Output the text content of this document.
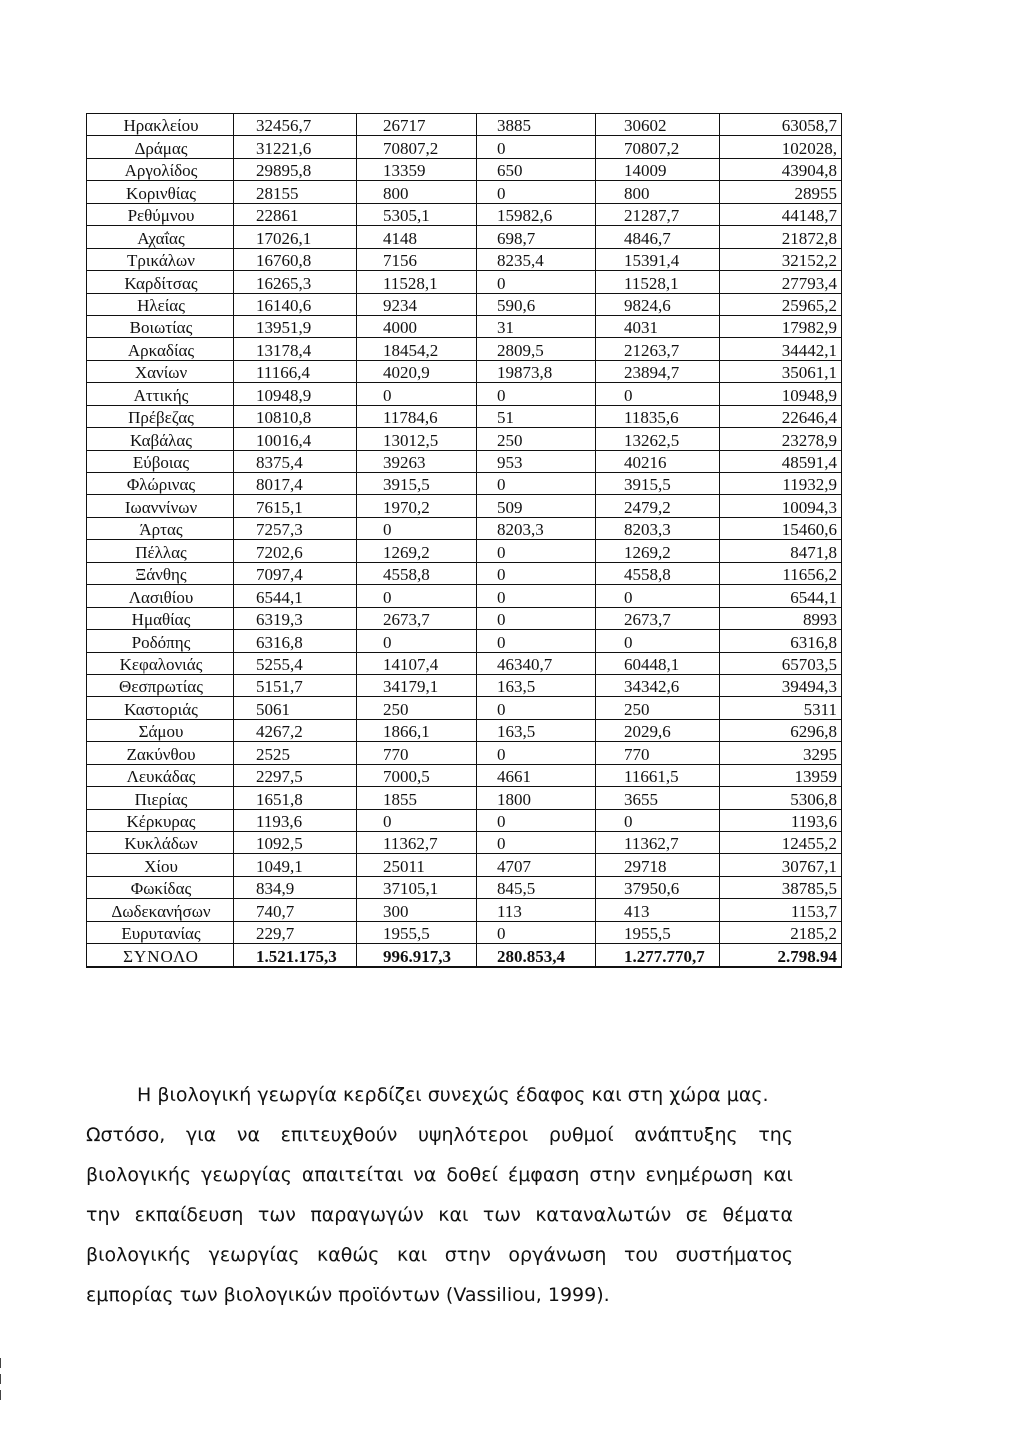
Ηρακλείου	32456,7	26717	3885	30602	63058,7
Δράμας	31221,6	70807,2	0	70807,2	102028,
Αργολίδος	29895,8	13359	650	14009	43904,8
Κορινθίας	28155	800	0	800	28955
Ρεθύμνου	22861	5305,1	15982,6	21287,7	44148,7
Αχαΐας	17026,1	4148	698,7	4846,7	21872,8
Τρικάλων	16760,8	7156	8235,4	15391,4	32152,2
Καρδίτσας	16265,3	11528,1	0	11528,1	27793,4
Ηλείας	16140,6	9234	590,6	9824,6	25965,2
Βοιωτίας	13951,9	4000	31	4031	17982,9
Αρκαδίας	13178,4	18454,2	2809,5	21263,7	34442,1
Χανίων	11166,4	4020,9	19873,8	23894,7	35061,1
Αττικής	10948,9	0	0	0	10948,9
Πρέβεζας	10810,8	11784,6	51	11835,6	22646,4
Καβάλας	10016,4	13012,5	250	13262,5	23278,9
Εύβοιας	8375,4	39263	953	40216	48591,4
Φλώρινας	8017,4	3915,5	0	3915,5	11932,9
Ιωαννίνων	7615,1	1970,2	509	2479,2	10094,3
Άρτας	7257,3	0	8203,3	8203,3	15460,6
Πέλλας	7202,6	1269,2	0	1269,2	8471,8
Ξάνθης	7097,4	4558,8	0	4558,8	11656,2
Λασιθίου	6544,1	0	0	0	6544,1
Ημαθίας	6319,3	2673,7	0	2673,7	8993
Ροδόπης	6316,8	0	0	0	6316,8
Κεφαλονιάς	5255,4	14107,4	46340,7	60448,1	65703,5
Θεσπρωτίας	5151,7	34179,1	163,5	34342,6	39494,3
Καστοριάς	5061	250	0	250	5311
Σάμου	4267,2	1866,1	163,5	2029,6	6296,8
Ζακύνθου	2525	770	0	770	3295
Λευκάδας	2297,5	7000,5	4661	11661,5	13959
Πιερίας	1651,8	1855	1800	3655	5306,8
Κέρκυρας	1193,6	0	0	0	1193,6
Κυκλάδων	1092,5	11362,7	0	11362,7	12455,2
Χίου	1049,1	25011	4707	29718	30767,1
Φωκίδας	834,9	37105,1	845,5	37950,6	38785,5
Δωδεκανήσων	740,7	300	113	413	1153,7
Ευρυτανίας	229,7	1955,5	0	1955,5	2185,2
ΣΥΝΟΛΟ	1.521.175,3	996.917,3	280.853,4	1.277.770,7	2.798.94

Η βιολογική γεωργία κερδίζει συνεχώς έδαφος και στη χώρα μας.
Ωστόσο, για να επιτευχθούν υψηλότεροι ρυθμοί ανάπτυξης της βιολογικής γεωργίας απαιτείται να δοθεί έμφαση στην ενημέρωση και την εκπαίδευση των παραγωγών και των καταναλωτών σε θέματα βιολογικής γεωργίας καθώς και στην οργάνωση του συστήματος εμπορίας των βιολογικών προϊόντων (Vassiliou, 1999).
